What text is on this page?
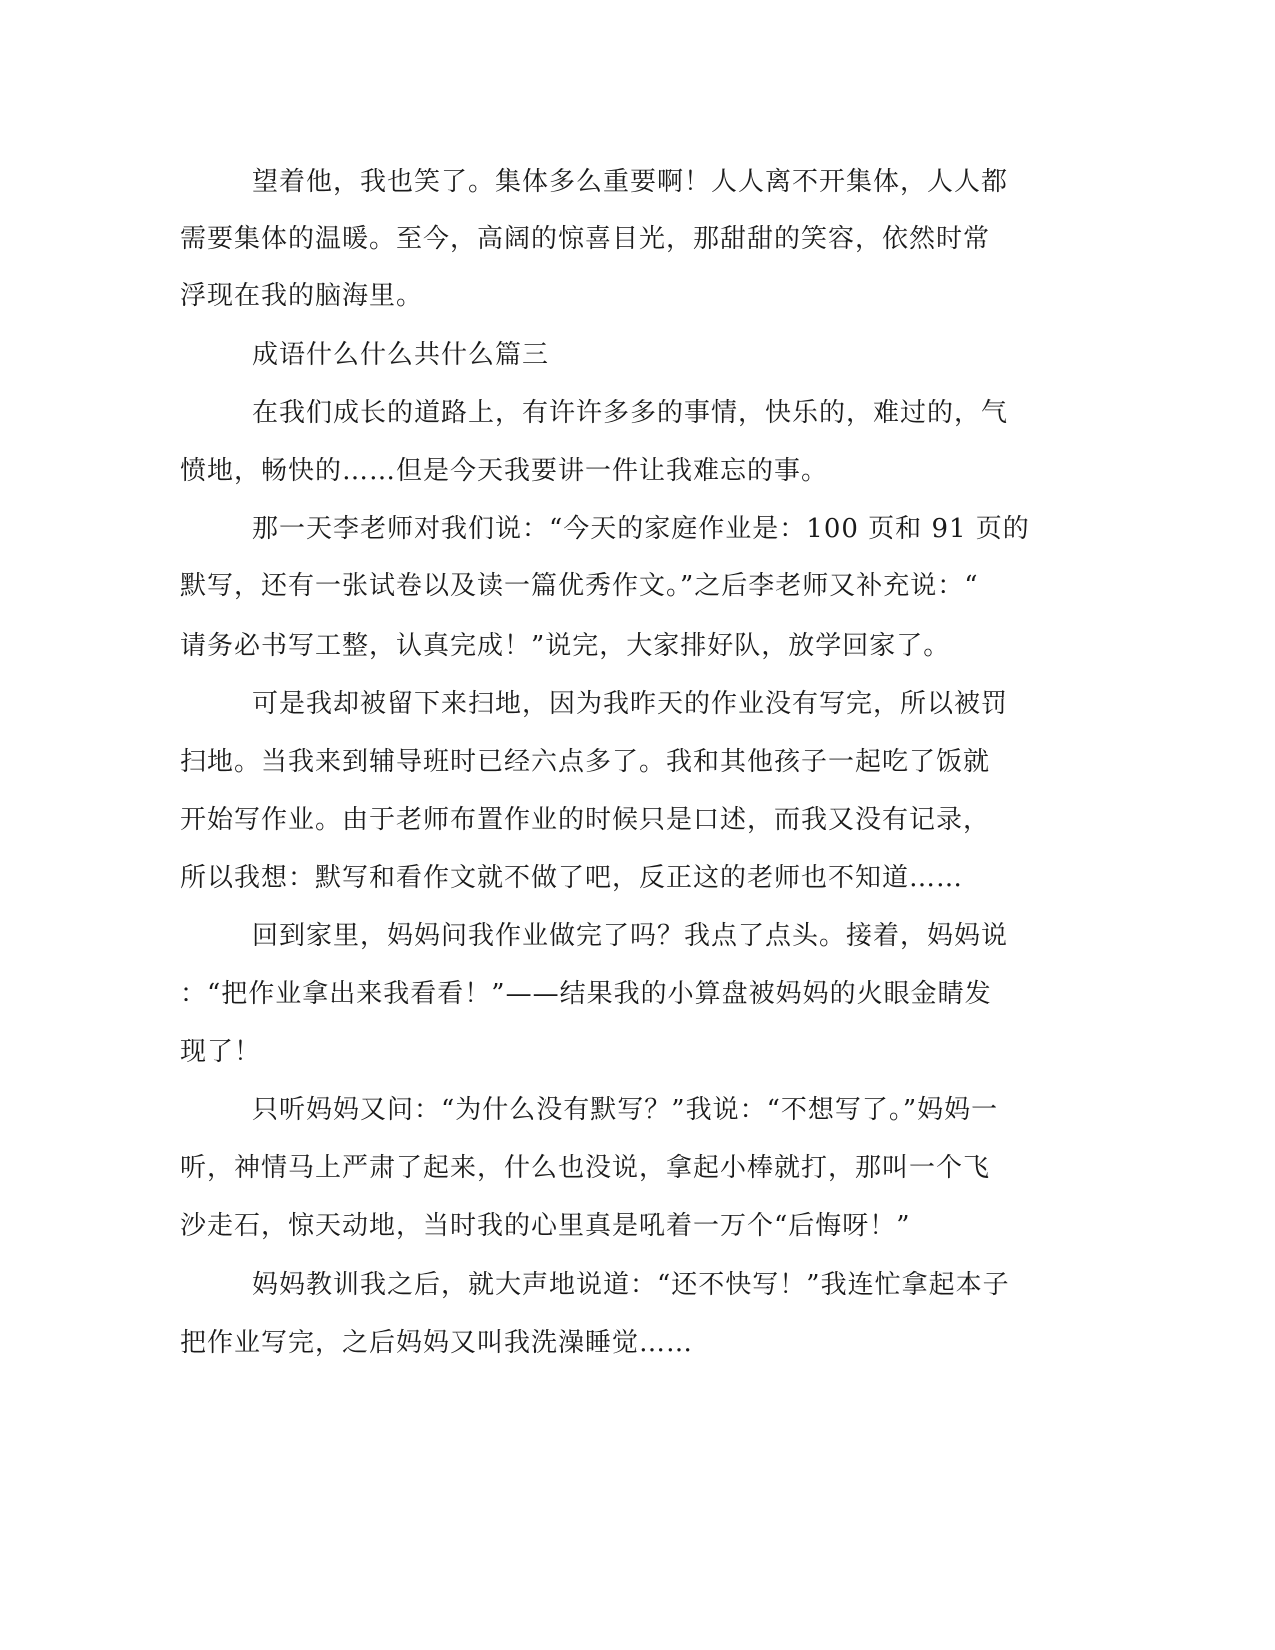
望着他，我也笑了。集体多么重要啊！人人离不开集体，人人都
需要集体的温暖。至今，高阔的惊喜目光，那甜甜的笑容，依然时常
浮现在我的脑海里。
成语什么什么共什么篇三
在我们成长的道路上，有许许多多的事情，快乐的，难过的，气
愤地，畅快的……但是今天我要讲一件让我难忘的事。
那一天李老师对我们说：“今天的家庭作业是：100 页和 91 页的
默写，还有一张试卷以及读一篇优秀作文。”之后李老师又补充说：“
请务必书写工整，认真完成！”说完，大家排好队，放学回家了。
可是我却被留下来扫地，因为我昨天的作业没有写完，所以被罚
扫地。当我来到辅导班时已经六点多了。我和其他孩子一起吃了饭就
开始写作业。由于老师布置作业的时候只是口述，而我又没有记录，
所以我想：默写和看作文就不做了吧，反正这的老师也不知道……
回到家里，妈妈问我作业做完了吗？我点了点头。接着，妈妈说
：“把作业拿出来我看看！”——结果我的小算盘被妈妈的火眼金睛发
现了！
只听妈妈又问：“为什么没有默写？”我说：“不想写了。”妈妈一
听，神情马上严肃了起来，什么也没说，拿起小棒就打，那叫一个飞
沙走石，惊天动地，当时我的心里真是吼着一万个“后悔呀！”
妈妈教训我之后，就大声地说道：“还不快写！”我连忙拿起本子
把作业写完，之后妈妈又叫我洗澡睡觉……
